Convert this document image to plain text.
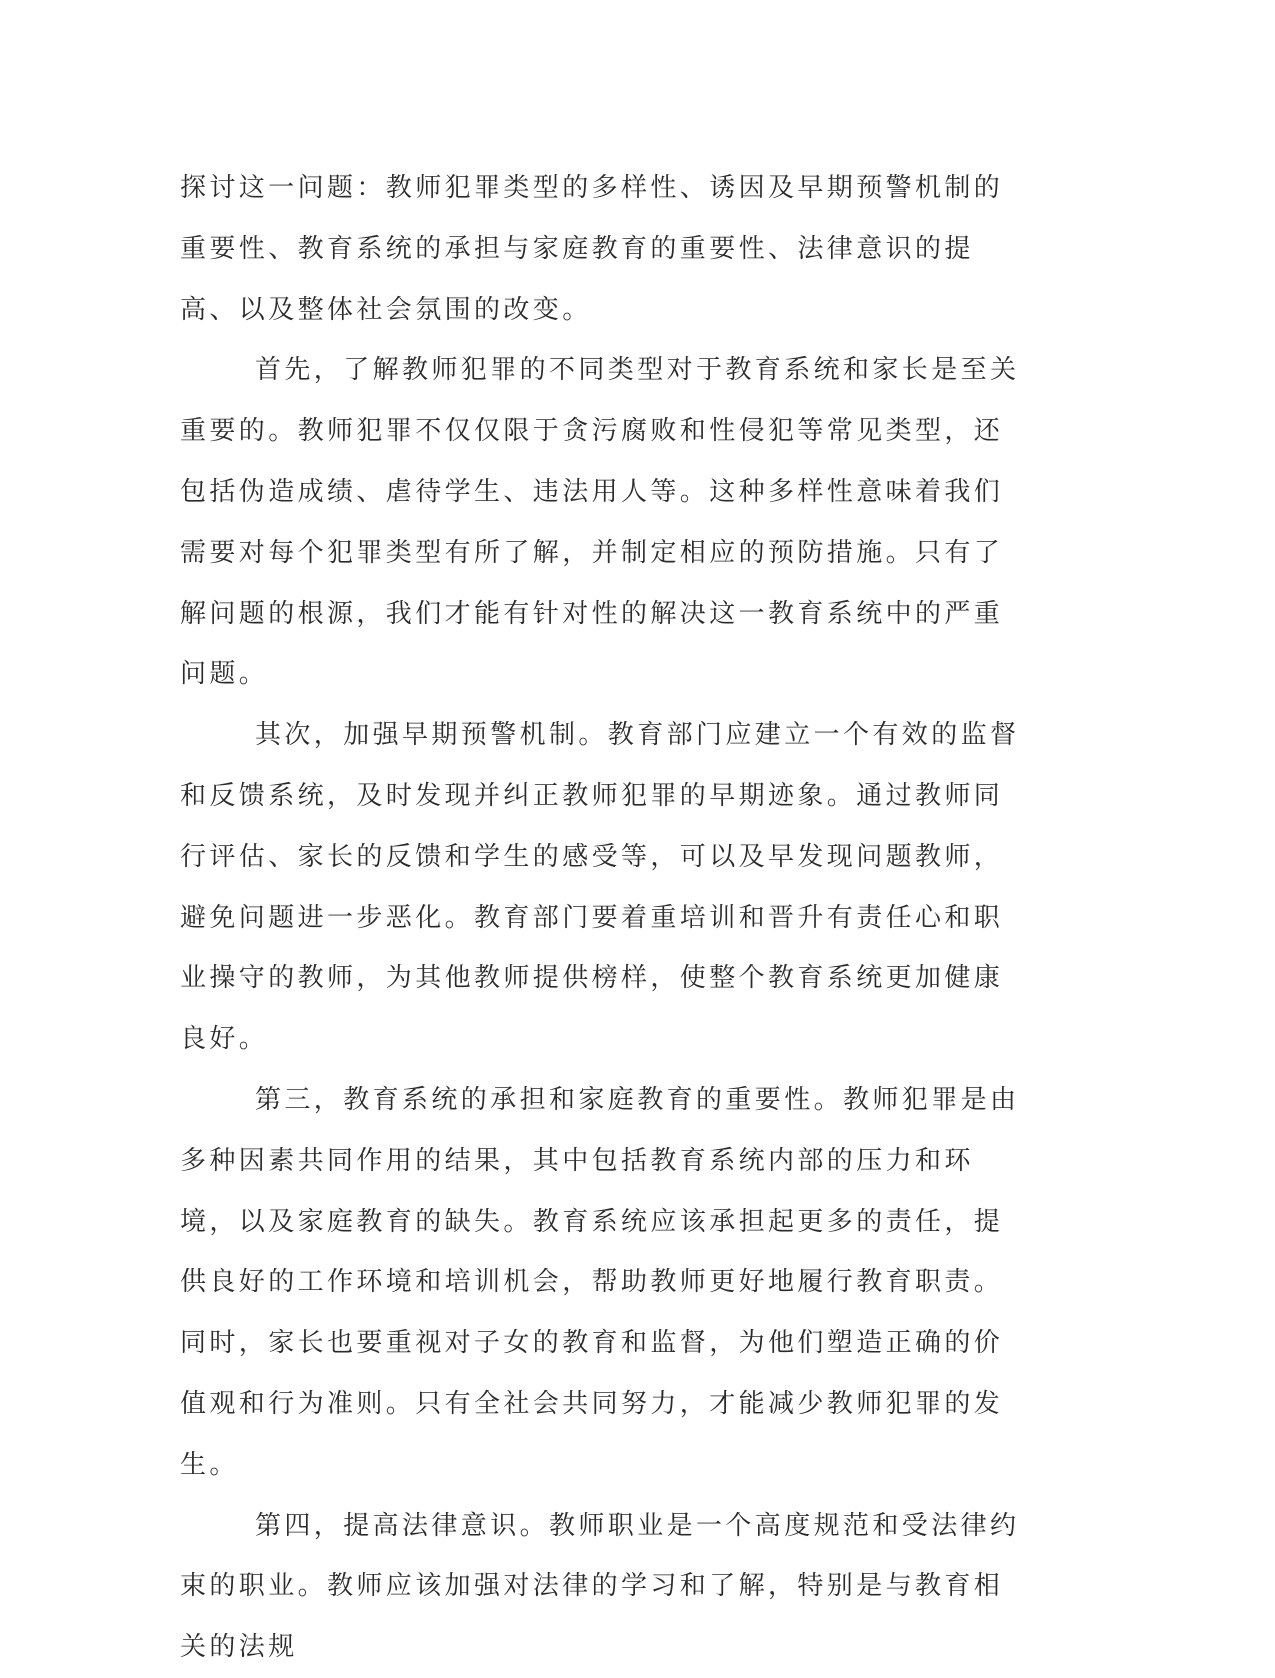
探讨这一问题：教师犯罪类型的多样性、诱因及早期预警机制的重要性、教育系统的承担与家庭教育的重要性、法律意识的提高、以及整体社会氛围的改变。

首先，了解教师犯罪的不同类型对于教育系统和家长是至关重要的。教师犯罪不仅仅限于贪污腐败和性侵犯等常见类型，还包括伪造成绩、虐待学生、违法用人等。这种多样性意味着我们需要对每个犯罪类型有所了解，并制定相应的预防措施。只有了解问题的根源，我们才能有针对性的解决这一教育系统中的严重问题。

其次，加强早期预警机制。教育部门应建立一个有效的监督和反馈系统，及时发现并纠正教师犯罪的早期迹象。通过教师同行评估、家长的反馈和学生的感受等，可以及早发现问题教师，避免问题进一步恶化。教育部门要着重培训和晋升有责任心和职业操守的教师，为其他教师提供榜样，使整个教育系统更加健康良好。

第三，教育系统的承担和家庭教育的重要性。教师犯罪是由多种因素共同作用的结果，其中包括教育系统内部的压力和环境，以及家庭教育的缺失。教育系统应该承担起更多的责任，提供良好的工作环境和培训机会，帮助教师更好地履行教育职责。同时，家长也要重视对子女的教育和监督，为他们塑造正确的价值观和行为准则。只有全社会共同努力，才能减少教师犯罪的发生。

第四，提高法律意识。教师职业是一个高度规范和受法律约束的职业。教师应该加强对法律的学习和了解，特别是与教育相关的法规
